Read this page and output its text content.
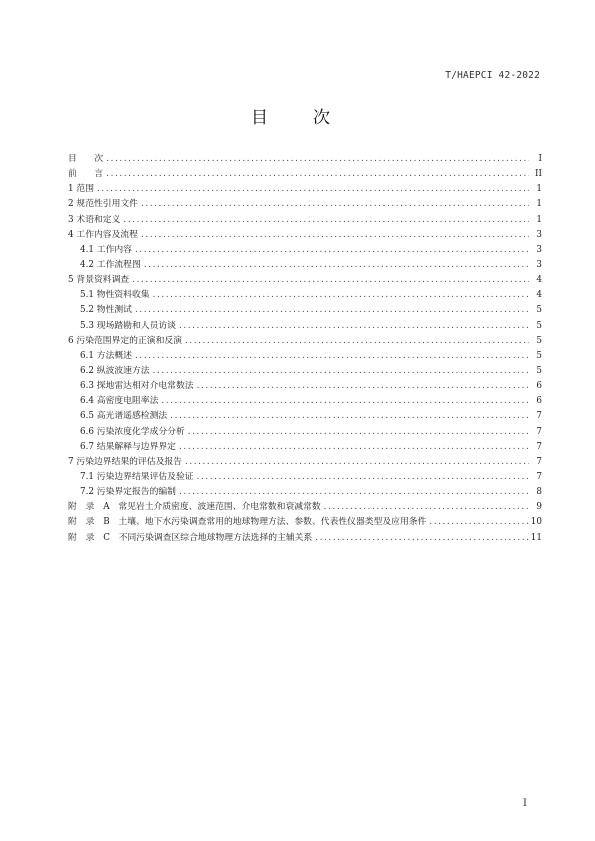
T/HAEPCI 42-2022
目　次
目　　次 . . .	I
前　　言 . . .	II
1 范围 . . .	1
2 规范性引用文件 . . .	1
3 术语和定义 . . .	1
4 工作内容及流程 . . .	3
4.1 工作内容 . . .	3
4.2 工作流程图 . . .	3
5 背景资料调查 . . .	4
5.1 物性资料收集 . . .	4
5.2 物性测试 . . .	5
5.3 现场踏勘和人员访谈 . . .	5
6 污染范围界定的正演和反演 . . .	5
6.1 方法概述 . . .	5
6.2 纵波波速方法 . . .	5
6.3 探地雷达相对介电常数法 . . .	6
6.4 高密度电阻率法 . . .	6
6.5 高光谱遥感检测法 . . .	7
6.6 污染浓度化学成分分析 . . .	7
6.7 结果解释与边界界定 . . .	7
7 污染边界结果的评估及报告 . . .	7
7.1 污染边界结果评估及验证 . . .	7
7.2 污染界定报告的编制 . . .	8
附　录　A　常见岩土介质密度、波速范围、介电常数和衰减常数 . . .	9
附　录　B　土壤、地下水污染调查常用的地球物理方法、参数、代表性仪器类型及应用条件 . . .	10
附　录　C　不同污染调查区综合地球物理方法选择的主辅关系 . . .	11
I
